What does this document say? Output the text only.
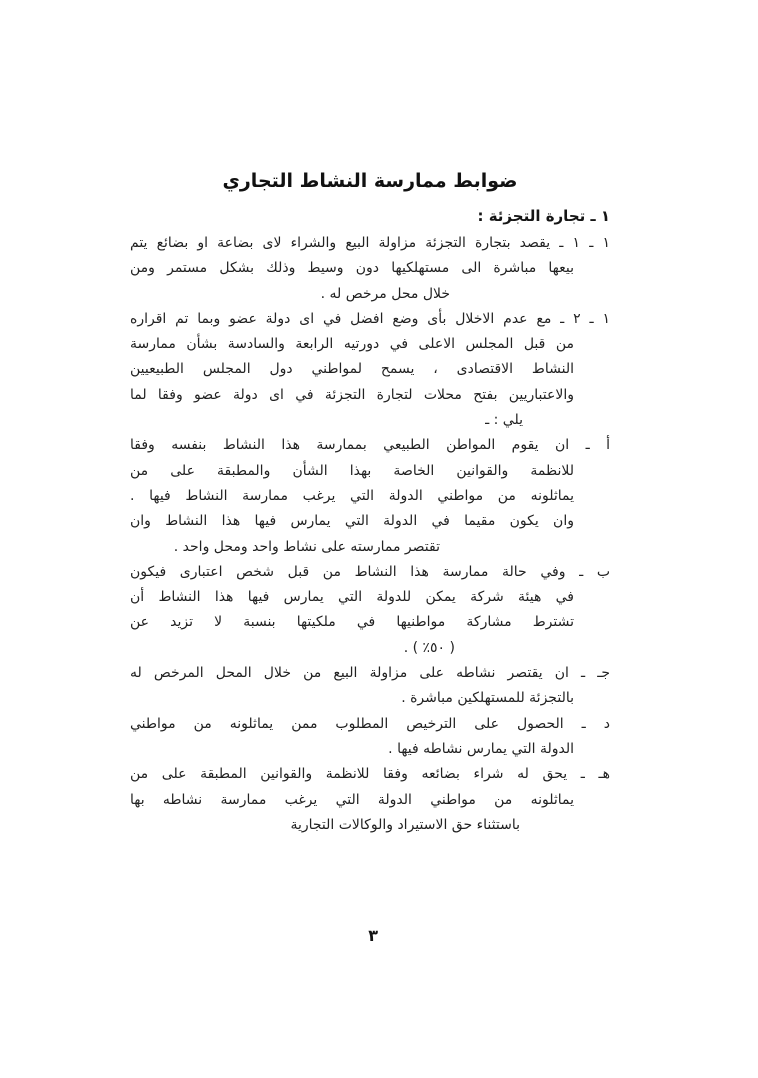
ضوابط ممارسة النشاط التجاري
١ ـ تجارة التجزئة :
١ ـ ١ ـ يقصد بتجارة التجزئة مزاولة البيع والشراء لاى بضاعة او بضائع يتم
بيعها مباشرة الى مستهلكيها دون وسيط وذلك بشكل مستمر ومن
خلال محل مرخص له .
١ ـ ٢ ـ مع عدم الاخلال بأى وضع افضل في اى دولة عضو وبما تم اقراره
من قبل المجلس الاعلى في دورتيه الرابعة والسادسة بشأن ممارسة
النشاط الاقتصادى ، يسمح لمواطني دول المجلس الطبيعيين
والاعتباريين بفتح محلات لتجارة التجزئة في اى دولة عضو وفقا لما
يلي : ـ
أ ـ ان يقوم المواطن الطبيعي بممارسة هذا النشاط بنفسه وفقا
للانظمة والقوانين الخاصة بهذا الشأن والمطبقة على من
يماثلونه من مواطني الدولة التي يرغب ممارسة النشاط فيها .
وان يكون مقيما في الدولة التي يمارس فيها هذا النشاط وان
تقتصر ممارسته على نشاط واحد ومحل واحد .
ب ـ وفي حالة ممارسة هذا النشاط من قبل شخص اعتبارى فيكون
في هيئة شركة يمكن للدولة التي يمارس فيها هذا النشاط أن
تشترط مشاركة مواطنيها في ملكيتها بنسبة لا تزيد عن
( ٥٠٪ ) .
جـ ـ ان يقتصر نشاطه على مزاولة البيع من خلال المحل المرخص له
بالتجزئة للمستهلكين مباشرة .
د ـ الحصول على الترخيص المطلوب ممن يماثلونه من مواطني
الدولة التي يمارس نشاطه فيها .
هـ ـ يحق له شراء بضائعه وفقا للانظمة والقوانين المطبقة على من
يماثلونه من مواطني الدولة التي يرغب ممارسة نشاطه بها
باستثناء حق الاستيراد والوكالات التجارية
٣
